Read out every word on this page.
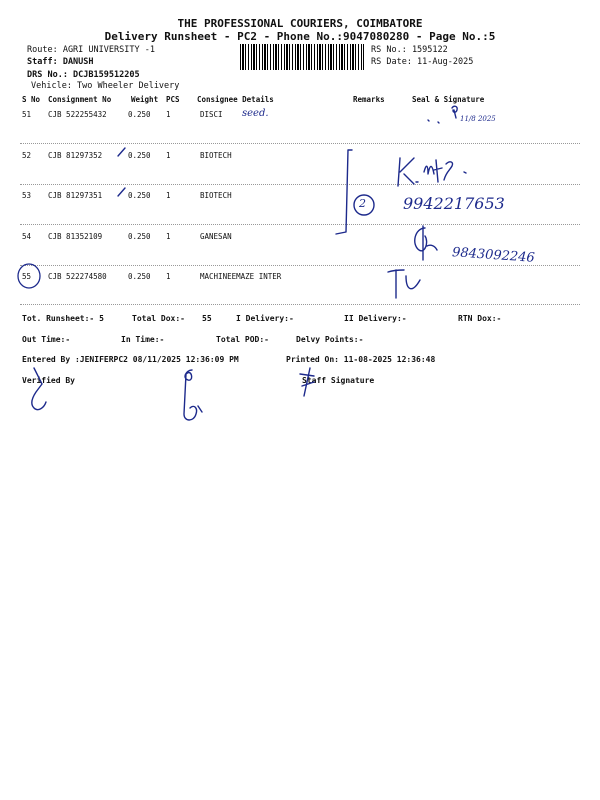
THE PROFESSIONAL COURIERS, COIMBATORE
Delivery Runsheet - PC2 - Phone No.:9047080280 - Page No.:5
Route: AGRI UNIVERSITY -1
Staff: DANUSH
DRS No.: DCJB159512205
Vehicle: Two Wheeler Delivery
RS No.: 1595122
RS Date: 11-Aug-2025
S No Consignment No	Weight PCS Consignee Details	Remarks	Seal & Signature
51 CJB 522255432	0.250 1	DISCI
52 CJB 81297352	0.250 1	BIOTECH
53 CJB 81297351	0.250 1	BIOTECH
54 CJB 81352109	0.250 1	GANESAN
55 CJB 522274580	0.250 1	MACHINEEMAZE INTER
seed.	11/8 2025
2 9942217653
9843092246
Tot. Runsheet:- 5	Total Dox:- 55	I Delivery:-	II Delivery:-	RTN Dox:-
Out Time:-	In Time:-	Total POD:-	Delvy Points:-
Entered By :JENIFERPC2 08/11/2025 12:36:09 PM	Printed On: 11-08-2025 12:36:48
Verified By	Staff Signature
